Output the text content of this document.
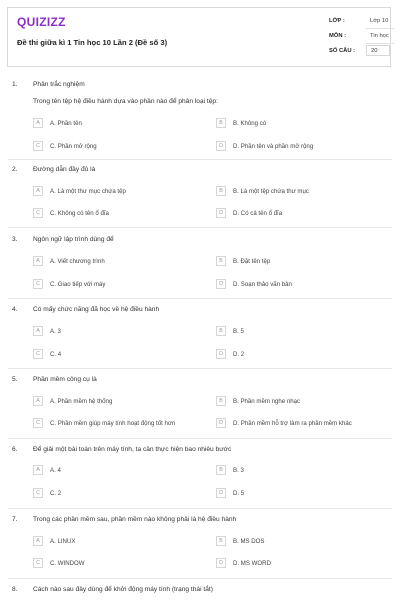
QUIZIZZ
Đề thi giữa kì 1 Tin học 10 Lần 2 (Đề số 3)
LỚP :	Lớp 10
MÔN :	Tin học
SỐ CÂU :	20
1. Phân trắc nghiệm
Trong tên tệp hệ điều hành dựa vào phần nào để phân loại tệp:
A	A. Phần tên	B	B. Không có
C	C. Phần mở rộng	D	D. Phần tên và phần mở rộng
2. Đường dẫn đầy đủ là
A	A. Là một thư mục chứa tệp	B	B. Là một tệp chứa thư mục
C	C. Không có tên ổ đĩa	D	D. Có cả tên ổ đĩa
3. Ngôn ngữ lập trình dùng để
A	A. Viết chương trình	B	B. Đặt tên tệp
C	C. Giao tiếp với máy	D	D. Soạn thảo văn bản
4. Có mấy chức năng đã học về hệ điều hành
A	A. 3	B	B. 5
C	C. 4	D	D. 2
5. Phần mềm công cụ là
A	A. Phần mềm hệ thống	B	B. Phần mềm nghe nhạc
C	C. Phần mềm giúp máy tính hoạt động tốt hơn	D	D. Phần mềm hỗ trợ làm ra phần mềm khác
6. Để giải một bài toán trên máy tính, ta cần thực hiện bao nhiêu bước
A	A. 4	B	B. 3
C	C. 2	D	D. 5
7. Trong các phần mềm sau, phần mềm nào không phải là hệ điều hành
A	A. LINUX	B	B. MS DOS
C	C. WINDOW	D	D. MS WORD
8. Cách nào sau đây dùng để khởi động máy tính (trạng thái tắt)
